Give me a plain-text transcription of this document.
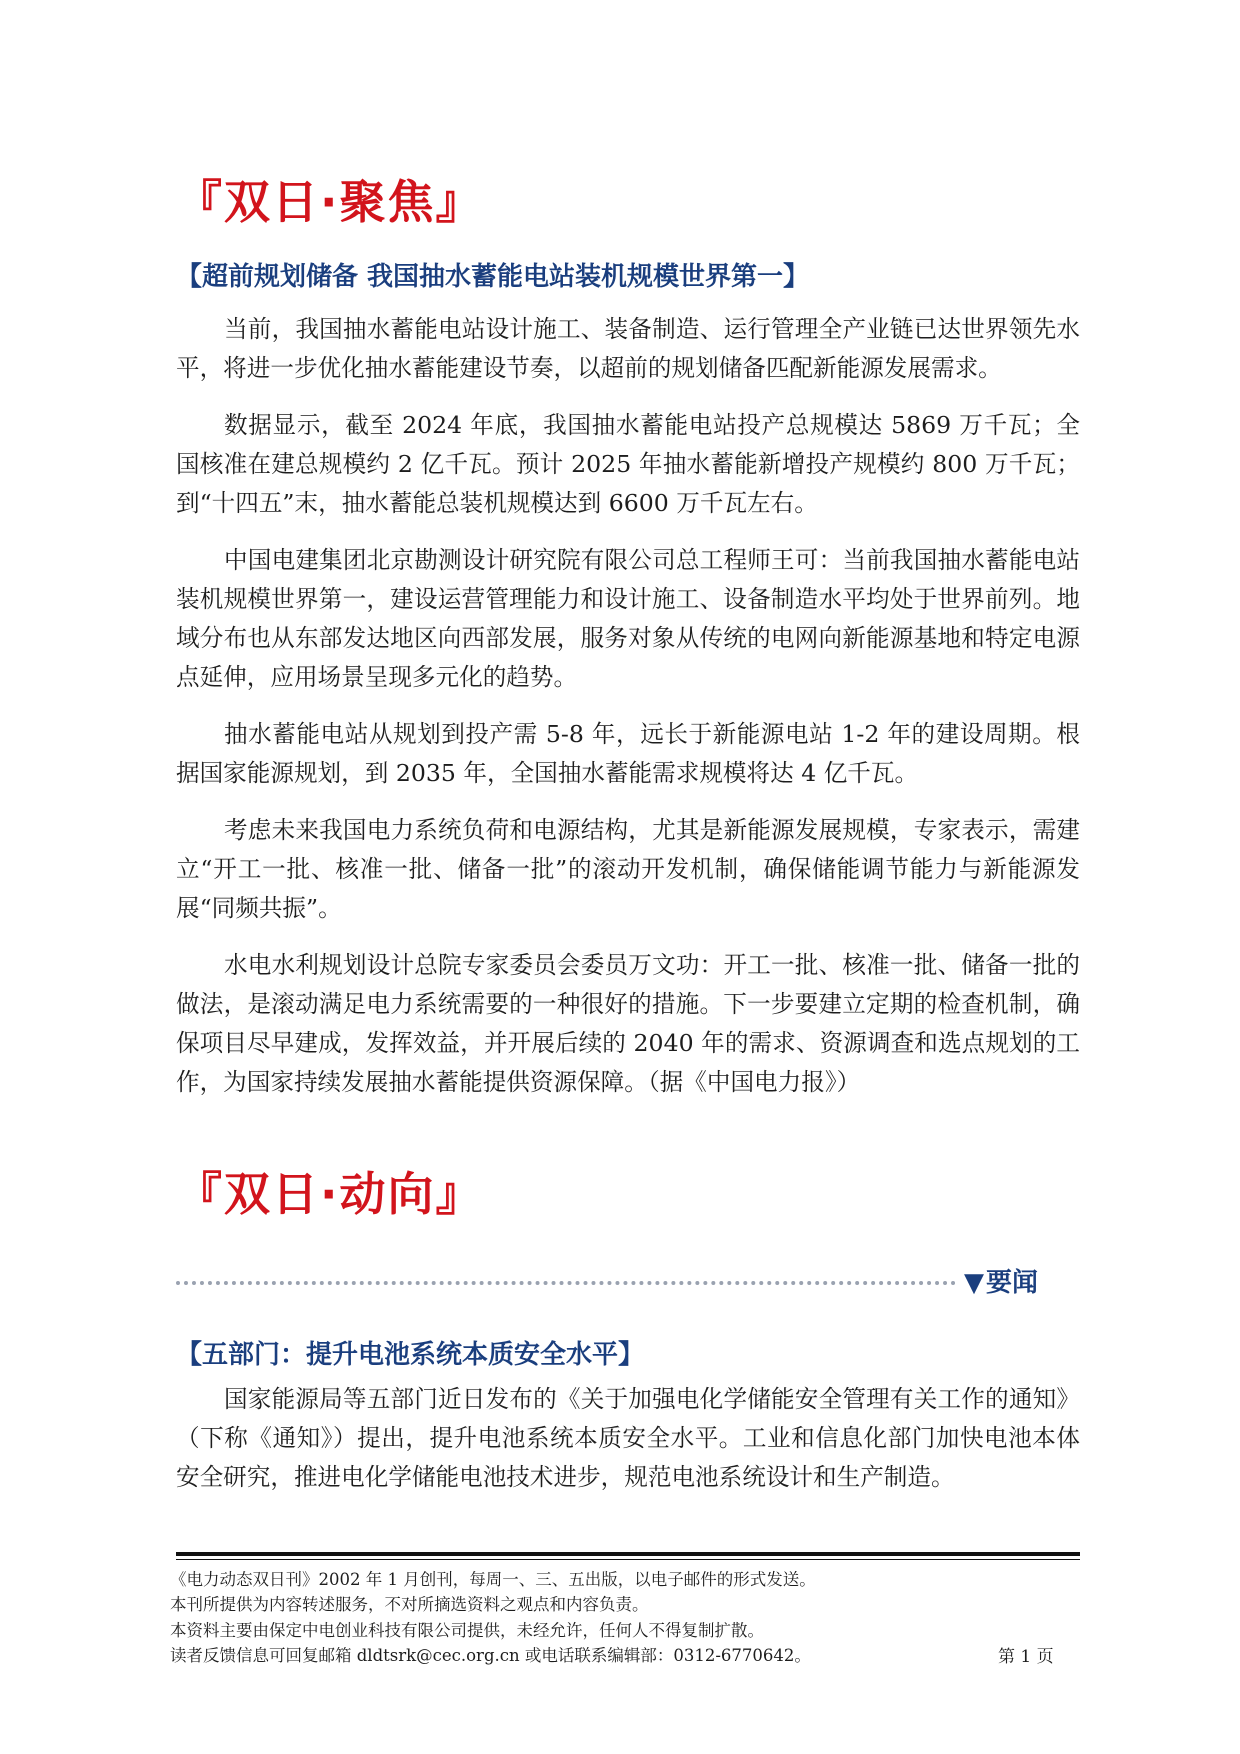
『双日·聚焦』
【超前规划储备 我国抽水蓄能电站装机规模世界第一】

当前，我国抽水蓄能电站设计施工、装备制造、运行管理全产业链已达世界领先水平，将进一步优化抽水蓄能建设节奏，以超前的规划储备匹配新能源发展需求。

数据显示，截至 2024 年底，我国抽水蓄能电站投产总规模达 5869 万千瓦；全国核准在建总规模约 2 亿千瓦。预计 2025 年抽水蓄能新增投产规模约 800 万千瓦；到“十四五”末，抽水蓄能总装机规模达到 6600 万千瓦左右。

中国电建集团北京勘测设计研究院有限公司总工程师王可：当前我国抽水蓄能电站装机规模世界第一，建设运营管理能力和设计施工、设备制造水平均处于世界前列。地域分布也从东部发达地区向西部发展，服务对象从传统的电网向新能源基地和特定电源点延伸，应用场景呈现多元化的趋势。

抽水蓄能电站从规划到投产需 5-8 年，远长于新能源电站 1-2 年的建设周期。根据国家能源规划，到 2035 年，全国抽水蓄能需求规模将达 4 亿千瓦。

考虑未来我国电力系统负荷和电源结构，尤其是新能源发展规模，专家表示，需建立“开工一批、核准一批、储备一批”的滚动开发机制，确保储能调节能力与新能源发展“同频共振”。

水电水利规划设计总院专家委员会委员万文功：开工一批、核准一批、储备一批的做法，是滚动满足电力系统需要的一种很好的措施。下一步要建立定期的检查机制，确保项目尽早建成，发挥效益，并开展后续的 2040 年的需求、资源调查和选点规划的工作，为国家持续发展抽水蓄能提供资源保障。（据《中国电力报》）

『双日·动向』
▼要闻
【五部门：提升电池系统本质安全水平】

国家能源局等五部门近日发布的《关于加强电化学储能安全管理有关工作的通知》（下称《通知》）提出，提升电池系统本质安全水平。工业和信息化部门加快电池本体安全研究，推进电化学储能电池技术进步，规范电池系统设计和生产制造。

《电力动态双日刊》2002 年 1 月创刊，每周一、三、五出版，以电子邮件的形式发送。
本刊所提供为内容转述服务，不对所摘选资料之观点和内容负责。
本资料主要由保定中电创业科技有限公司提供，未经允许，任何人不得复制扩散。
读者反馈信息可回复邮箱 dldtsrk@cec.org.cn 或电话联系编辑部：0312-6770642。	第 1 页
